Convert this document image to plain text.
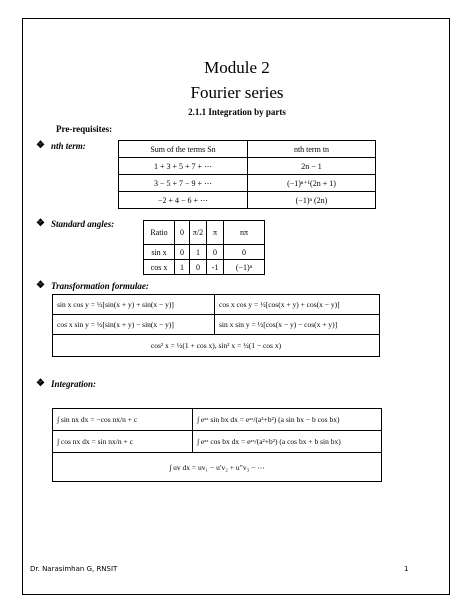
Module 2
Fourier series
2.1.1 Integration by parts
Pre-requisites:
❖ nth term:	Sum of the terms Sn	nth term tn
1 + 3 + 5 + 7 + ⋯	2n − 1
3 − 5 + 7 − 9 + ⋯	(−1)ⁿ⁺¹(2n + 1)
−2 + 4 − 6 + ⋯	(−1)ⁿ (2n)
❖ Standard angles:
Ratio	0	π/2	π	nπ
sin x	0	1	0	0
cos x	1	0	-1	(−1)ⁿ
❖ Transformation formulae:
sin x cos y = ½[sin(x + y) + sin(x − y)]	cos x cos y = ½[cos(x + y) + cos(x − y)]
cos x sin y = ½[sin(x + y) − sin(x − y)]	sin x sin y = ½[cos(x − y) − cos(x + y)]
cos² x = ½(1 + cos x), sin² x = ½(1 − cos x)
❖ Integration:
∫ sin nx dx = −cos nx/n + c	∫ eᵃˣ sin bx dx = eᵃˣ/(a²+b²) (a sin bx − b cos bx)
∫ cos nx dx = sin nx/n + c	∫ eᵃˣ cos bx dx = eᵃˣ/(a²+b²) (a cos bx + b sin bx)
∫ uv dx = uv₁ − u′v₂ + u′′v₃ − ⋯
Dr. Narasimhan G, RNSIT	1
